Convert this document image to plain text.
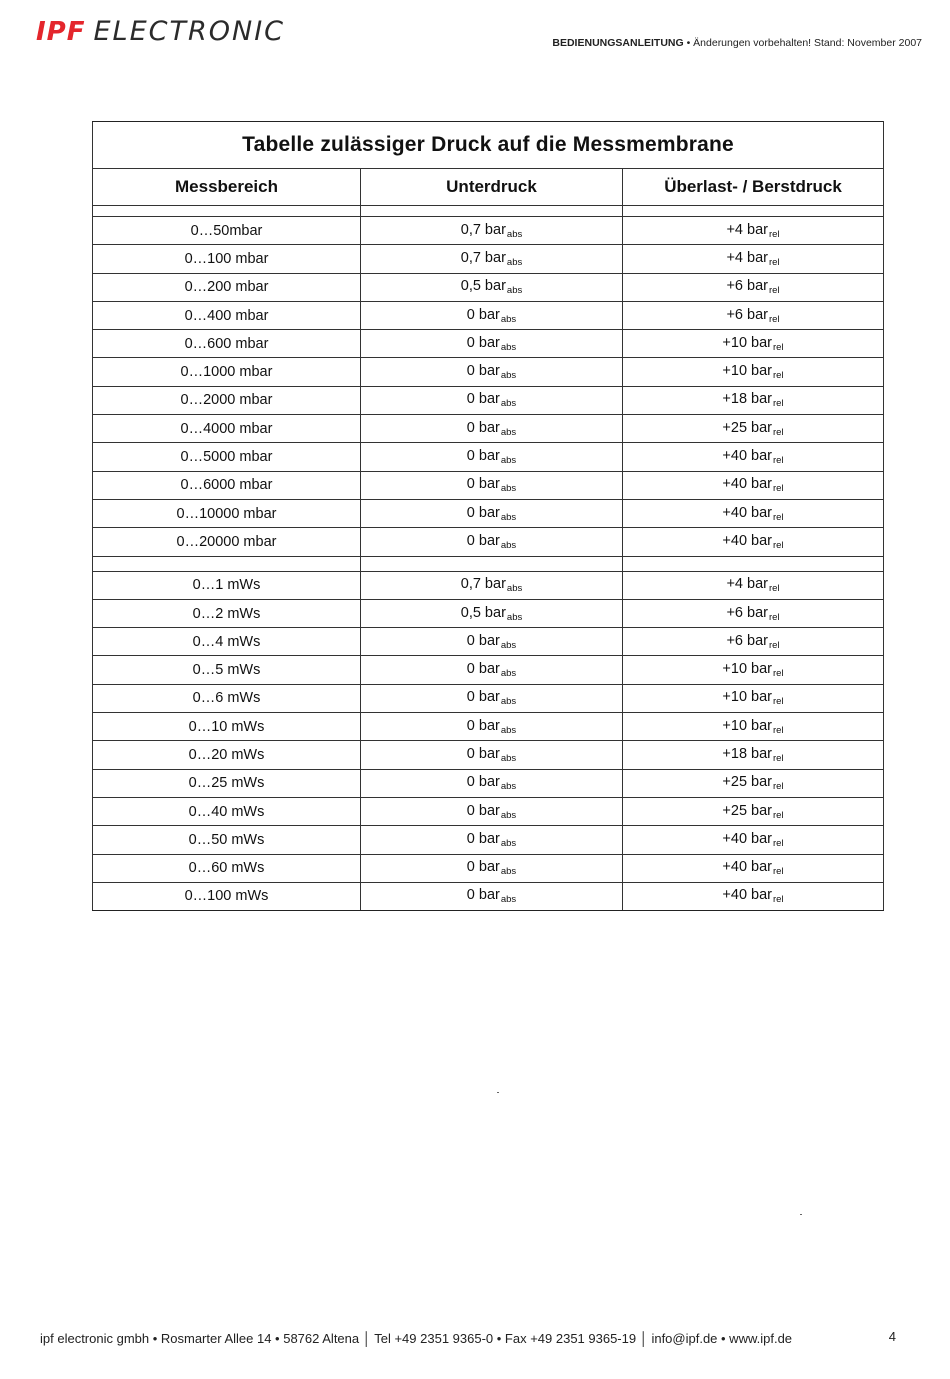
IPF ELECTRONIC	BEDIENUNGSANLEITUNG • Änderungen vorbehalten! Stand: November 2007
Tabelle zulässiger Druck auf die Messmembrane		
Messbereich	Unterdruck	Überlast- / Berstdruck

0…50mbar	0,7 bar$_{abs}$	+4 bar$_{rel}$
0…100 mbar	0,7 bar$_{abs}$	+4 bar$_{rel}$
0…200 mbar	0,5 bar$_{abs}$	+6 bar$_{rel}$
0…400 mbar	0 bar$_{abs}$	+6 bar$_{rel}$
0…600 mbar	0 bar$_{abs}$	+10 bar$_{rel}$
0…1000 mbar	0 bar$_{abs}$	+10 bar$_{rel}$
0…2000 mbar	0 bar$_{abs}$	+18 bar$_{rel}$
0…4000 mbar	0 bar$_{abs}$	+25 bar$_{rel}$
0…5000 mbar	0 bar$_{abs}$	+40 bar$_{rel}$
0…6000 mbar	0 bar$_{abs}$	+40 bar$_{rel}$
0…10000 mbar	0 bar$_{abs}$	+40 bar$_{rel}$
0…20000 mbar	0 bar$_{abs}$	+40 bar$_{rel}$

0…1 mWs	0,7 bar$_{abs}$	+4 bar$_{rel}$
0…2 mWs	0,5 bar$_{abs}$	+6 bar$_{rel}$
0…4 mWs	0 bar$_{abs}$	+6 bar$_{rel}$
0…5 mWs	0 bar$_{abs}$	+10 bar$_{rel}$
0…6 mWs	0 bar$_{abs}$	+10 bar$_{rel}$
0…10 mWs	0 bar$_{abs}$	+10 bar$_{rel}$
0…20 mWs	0 bar$_{abs}$	+18 bar$_{rel}$
0…25 mWs	0 bar$_{abs}$	+25 bar$_{rel}$
0…40 mWs	0 bar$_{abs}$	+25 bar$_{rel}$
0…50 mWs	0 bar$_{abs}$	+40 bar$_{rel}$
0…60 mWs	0 bar$_{abs}$	+40 bar$_{rel}$
0…100 mWs	0 bar$_{abs}$	+40 bar$_{rel}$
ipf electronic gmbh • Rosmarter Allee 14 • 58762 Altena │ Tel +49 2351 9365-0 • Fax +49 2351 9365-19 │ info@ipf.de • www.ipf.de	4
